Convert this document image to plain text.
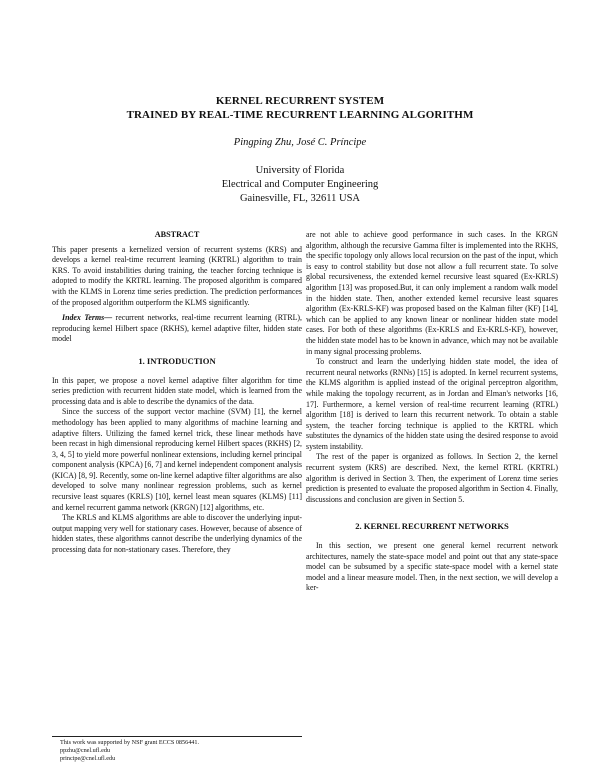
KERNEL RECURRENT SYSTEM
TRAINED BY REAL-TIME RECURRENT LEARNING ALGORITHM
Pingping Zhu, José C. Príncipe
University of Florida
Electrical and Computer Engineering
Gainesville, FL, 32611 USA
ABSTRACT

This paper presents a kernelized version of recurrent systems (KRS) and develops a kernel real-time recurrent learning (KRTRL) algorithm to train KRS. To avoid instabilities during training, the teacher forcing technique is adopted to modify the KRTRL learning. The proposed algorithm is compared with the KLMS in Lorenz time series prediction. The prediction performances of the proposed algorithm outperform the KLMS significantly.

Index Terms— recurrent networks, real-time recurrent learning (RTRL), reproducing kernel Hilbert space (RKHS), kernel adaptive filter, hidden state model

1. INTRODUCTION

In this paper, we propose a novel kernel adaptive filter algorithm for time series prediction with recurrent hidden state model, which is learned from the processing data and is able to describe the dynamics of the data.

Since the success of the support vector machine (SVM) [1], the kernel methodology has been applied to many algorithms of machine learning and adaptive filters. Utilizing the famed kernel trick, these linear methods have been recast in high dimensional reproducing kernel Hilbert spaces (RKHS) [2, 3, 4, 5] to yield more powerful nonlinear extensions, including kernel principal component analysis (KPCA) [6, 7] and kernel independent component analysis (KICA) [8, 9]. Recently, some on-line kernel adaptive filter algorithms are also developed to solve many nonlinear regression problems, such as kernel recursive least squares (KRLS) [10], kernel least mean squares (KLMS) [11] and kernel recurrent gamma network (KRGN) [12] algorithms, etc.

The KRLS and KLMS algorithms are able to discover the underlying input-output mapping very well for stationary cases. However, because of absence of hidden states, these algorithms cannot describe the underlying dynamics of the processing data for non-stationary cases. Therefore, they

This work was supported by NSF grant ECCS 0856441.
ppzhu@cnel.ufl.edu
principe@cnel.ufl.edu

are not able to achieve good performance in such cases. In the KRGN algorithm, although the recursive Gamma filter is implemented into the RKHS, the specific topology only allows local recursion on the past of the input, which is easy to control stability but dose not allow a full recurrent state. To solve global recursiveness, the extended kernel recursive least squared (Ex-KRLS) algorithm [13] was proposed.But, it can only implement a random walk model in the hidden state. Then, another extended kernel recursive least squares algorithm (Ex-KRLS-KF) was proposed based on the Kalman filter (KF) [14], which can be applied to any known linear or nonlinear hidden state model cases. For both of these algorithms (Ex-KRLS and Ex-KRLS-KF), however, the hidden state model has to be known in advance, which may not be available in many signal processing problems.

To construct and learn the underlying hidden state model, the idea of recurrent neural networks (RNNs) [15] is adopted. In kernel recurrent systems, the KLMS algorithm is applied instead of the original perceptron algorithm, while making the topology recurrent, as in Jordan and Elman's networks [16, 17]. Furthermore, a kernel version of real-time recurrent learning (RTRL) algorithm [18] is derived to learn this recurrent network. To obtain a stable system, the teacher forcing technique is applied to the KRTRL which substitutes the dynamics of the hidden state using the desired response to avoid system instability.

The rest of the paper is organized as follows. In Section 2, the kernel recurrent system (KRS) are described. Next, the kernel RTRL (KRTRL) algorithm is derived in Section 3. Then, the experiment of Lorenz time series prediction is presented to evaluate the proposed algorithm in Section 4. Finally, discussions and conclusion are given in Section 5.

2. KERNEL RECURRENT NETWORKS

In this section, we present one general kernel recurrent network architectures, namely the state-space model and point out that any state-space model can be subsumed by a specific state-space model with a kernel state model and a linear measure model. Then, in the next section, we will develop a ker-
